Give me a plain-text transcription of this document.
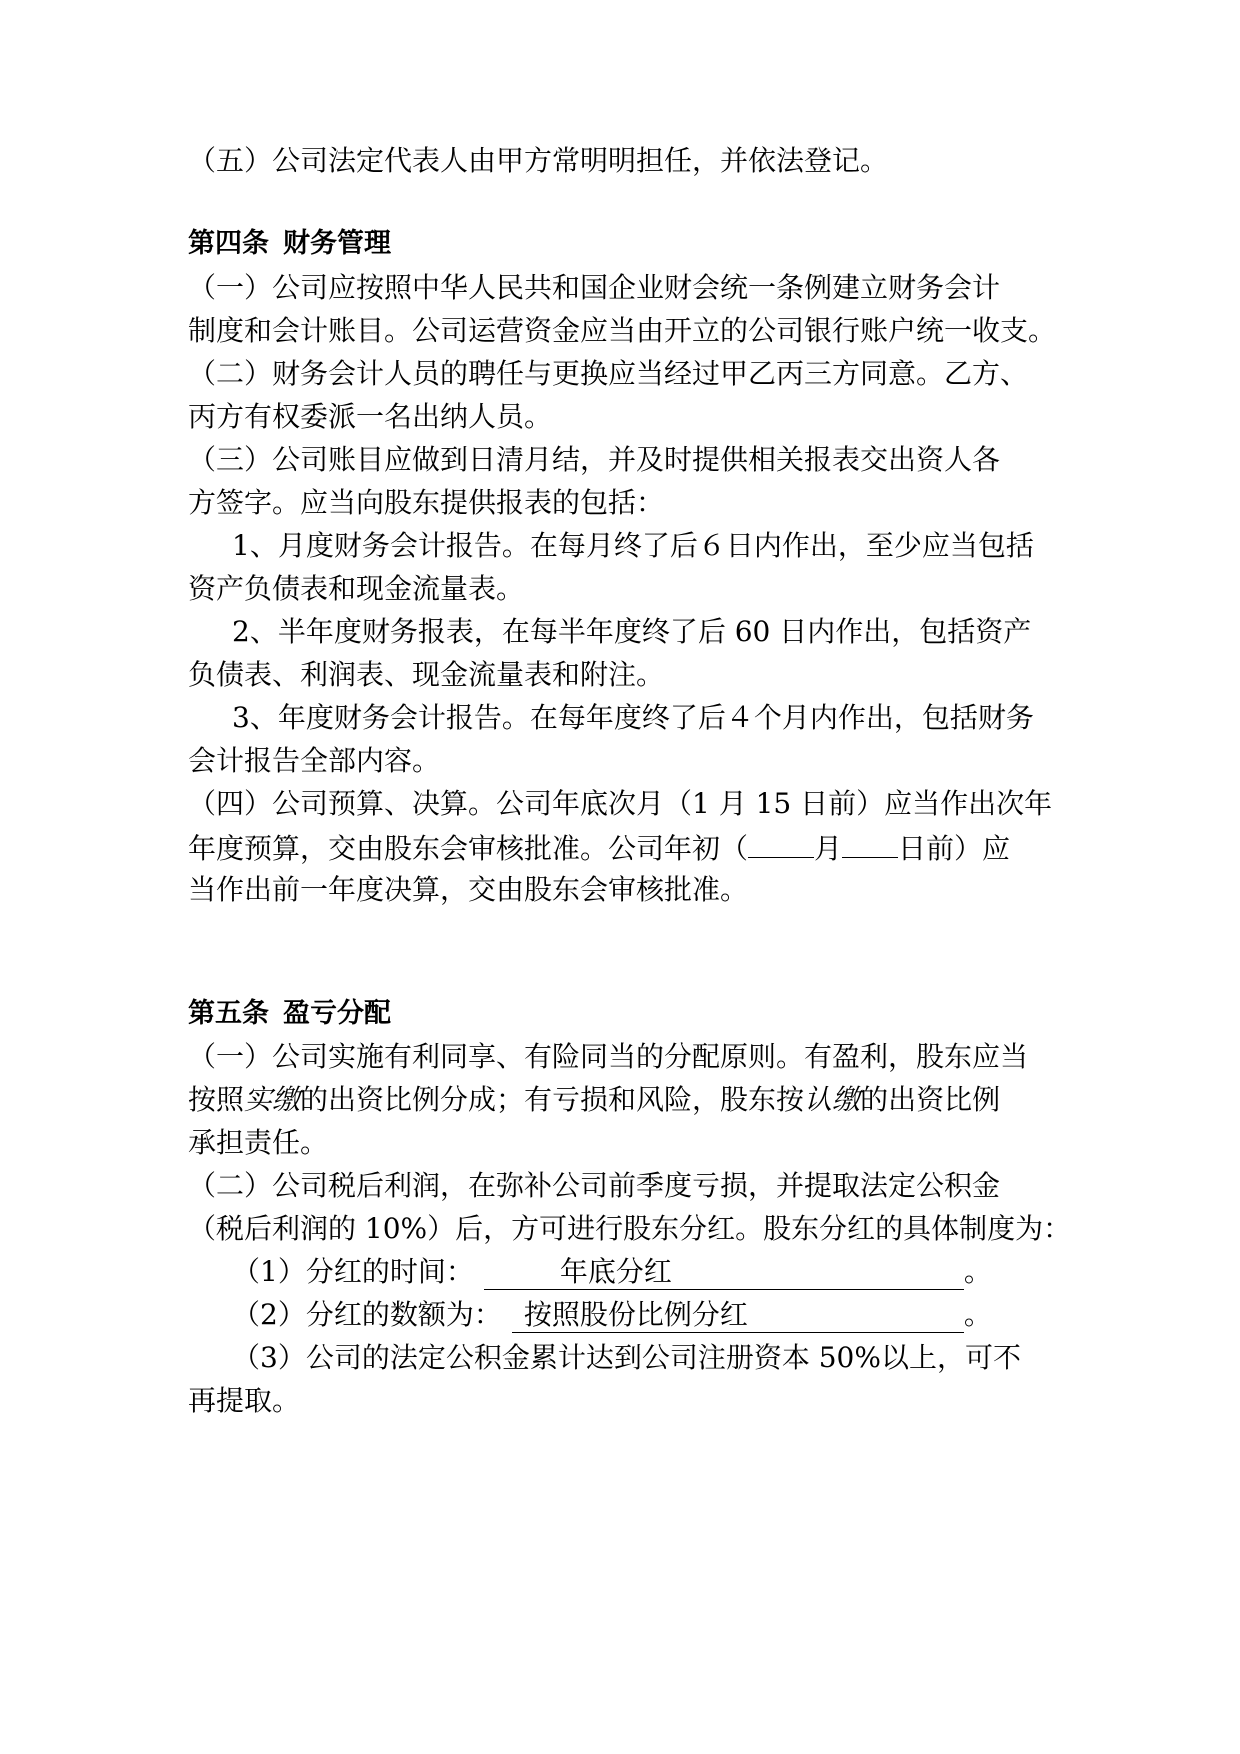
（五）公司法定代表人由甲方常明明担任，并依法登记。
第四条 财务管理
（一）公司应按照中华人民共和国企业财会统一条例建立财务会计
制度和会计账目。公司运营资金应当由开立的公司银行账户统一收支。
（二）财务会计人员的聘任与更换应当经过甲乙丙三方同意。乙方、
丙方有权委派一名出纳人员。
（三）公司账目应做到日清月结，并及时提供相关报表交出资人各
方签字。应当向股东提供报表的包括：
1、月度财务会计报告。在每月终了后６日内作出，至少应当包括
资产负债表和现金流量表。
2、半年度财务报表，在每半年度终了后 60 日内作出，包括资产
负债表、利润表、现金流量表和附注。
3、年度财务会计报告。在每年度终了后４个月内作出，包括财务
会计报告全部内容。
（四）公司预算、决算。公司年底次月（1 月 15 日前）应当作出次年
年度预算，交由股东会审核批准。公司年初（ 月 日前）应
当作出前一年度决算，交由股东会审核批准。
第五条 盈亏分配
（一）公司实施有利同享、有险同当的分配原则。有盈利，股东应当
按照实缴的出资比例分成；有亏损和风险，股东按认缴的出资比例
承担责任。
（二）公司税后利润，在弥补公司前季度亏损，并提取法定公积金
（税后利润的 10%）后，方可进行股东分红。股东分红的具体制度为：
（1）分红的时间：	年底分红	。
（2）分红的数额为： 按照股份比例分红	。
（3）公司的法定公积金累计达到公司注册资本 50%以上，可不
再提取。
